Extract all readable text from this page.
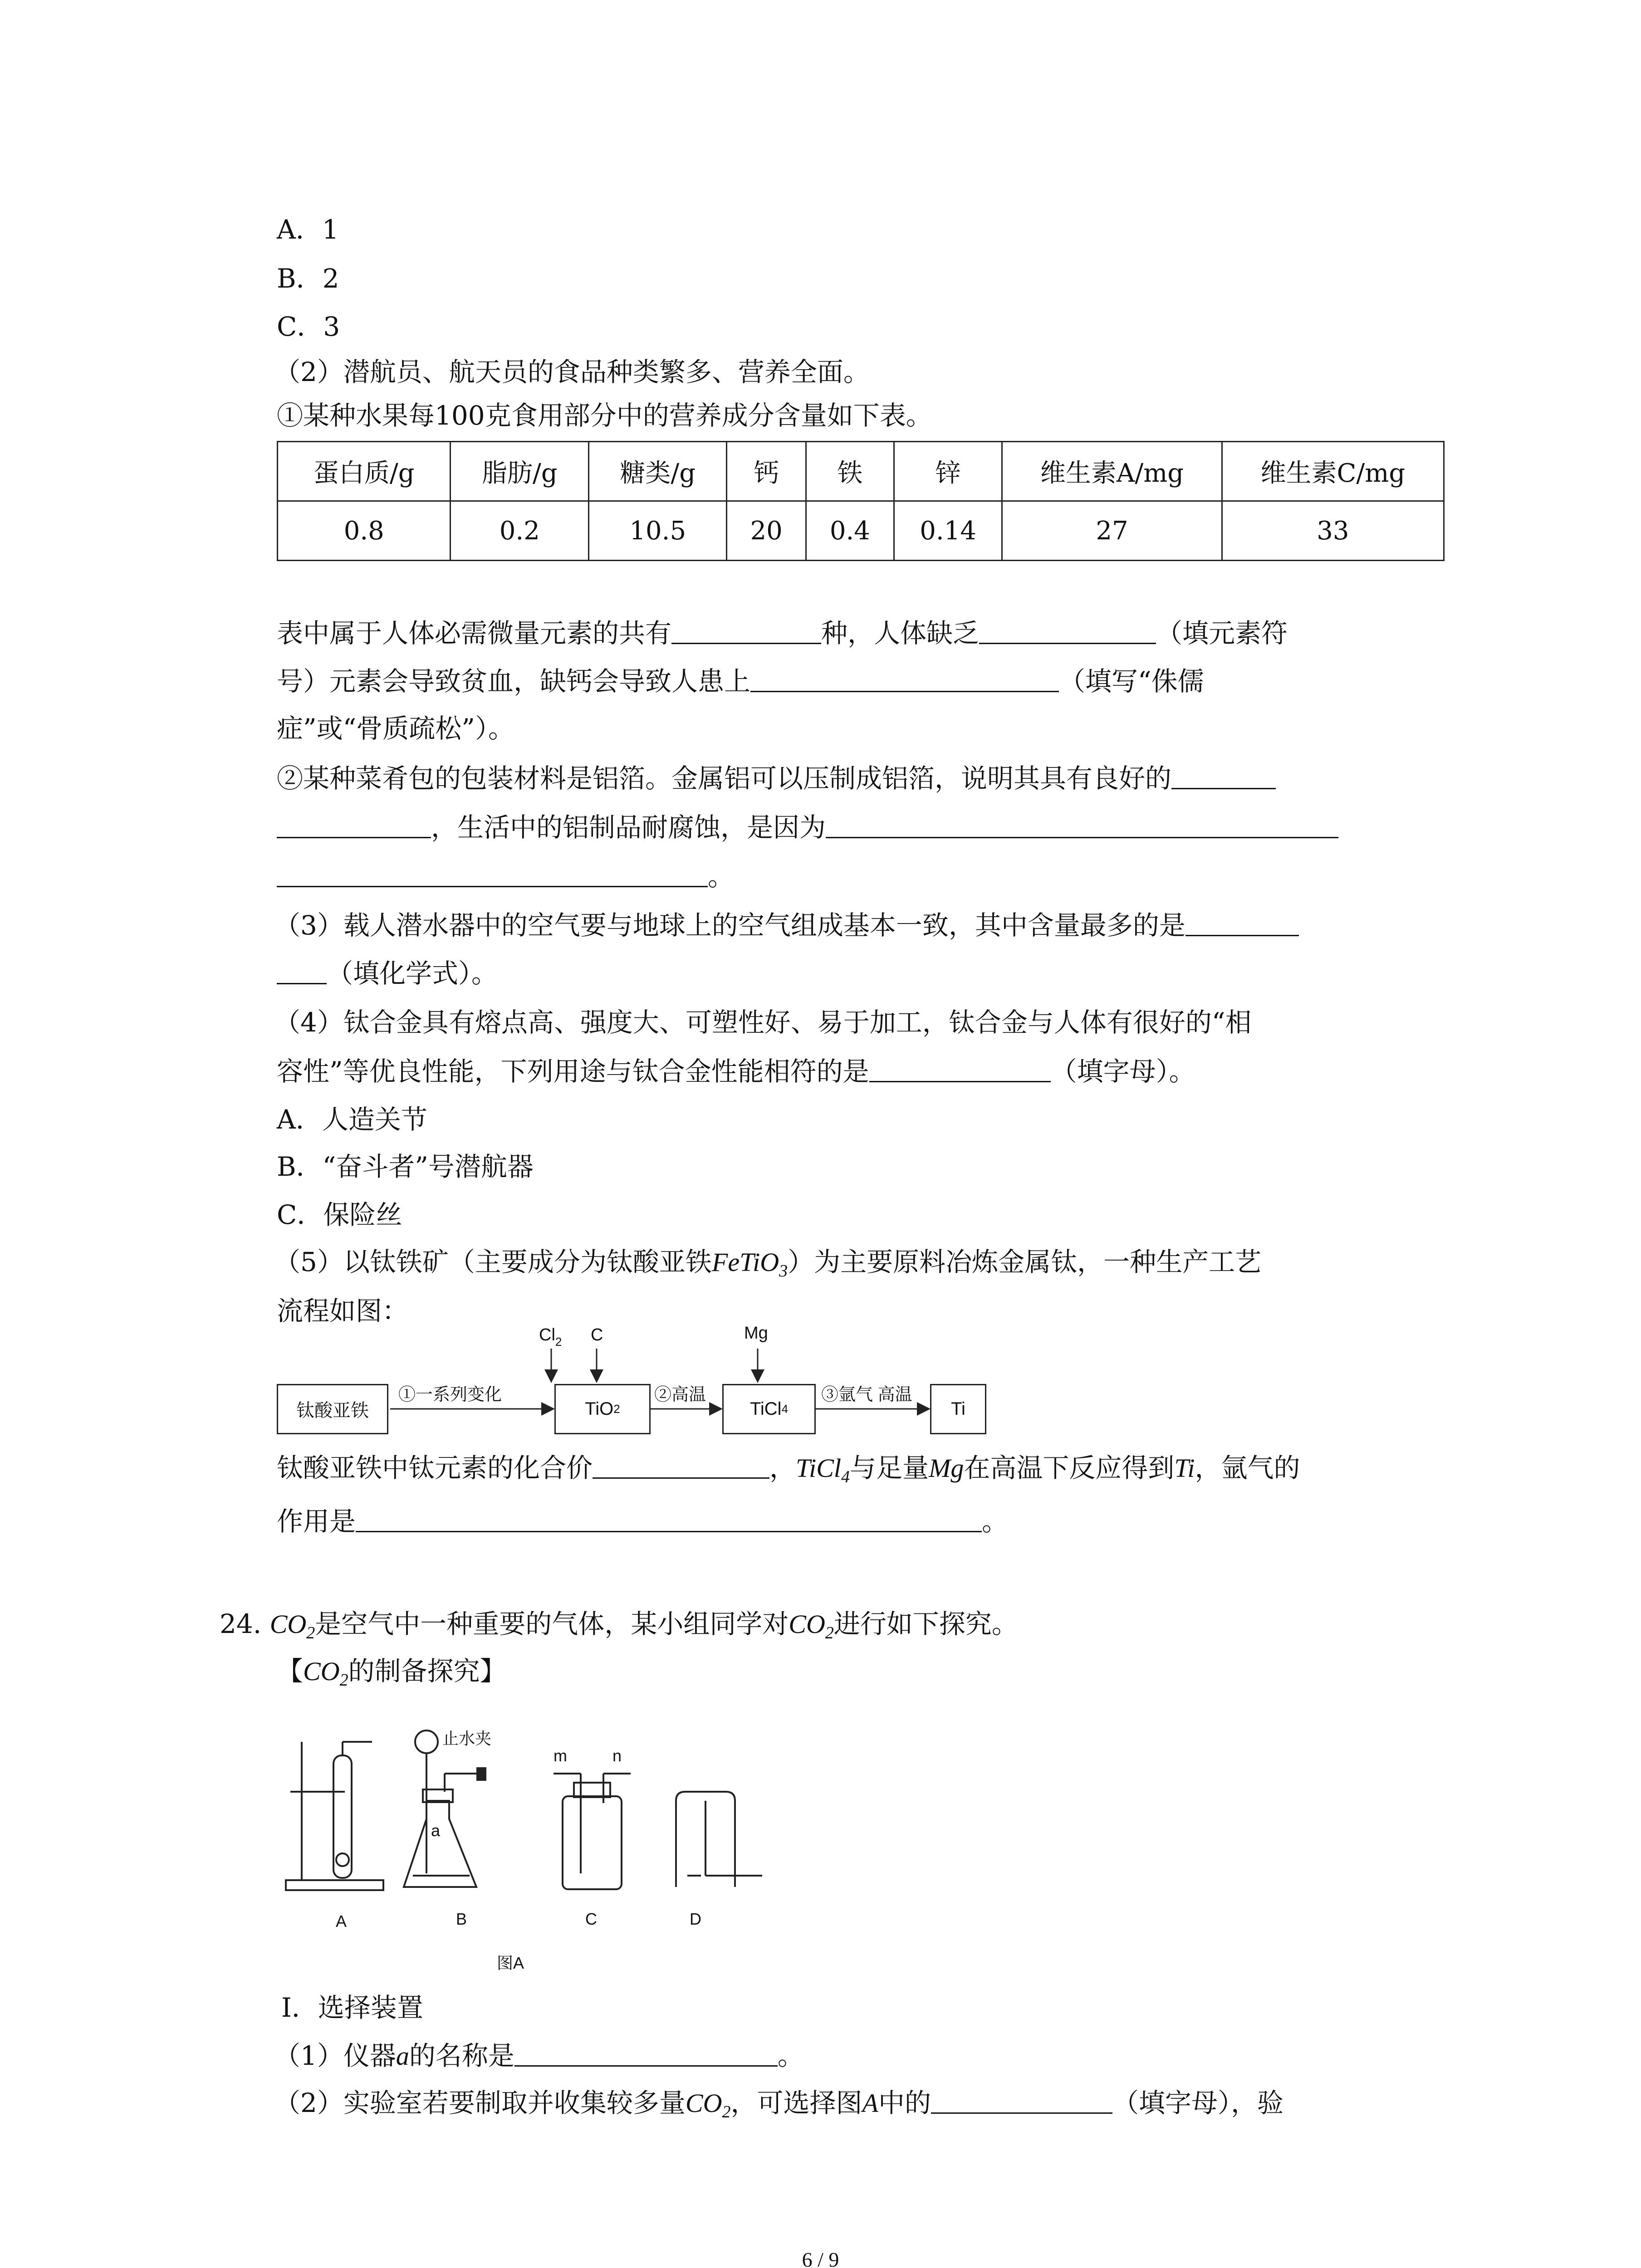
A．1
B．2
C．3
（2）潜航员、航天员的食品种类繁多、营养全面。
①某种水果每100克食用部分中的营养成分含量如下表。
蛋白质/g	脂肪/g	糖类/g	钙	铁	锌	维生素A/mg	维生素C/mg
0.8	0.2	10.5	20	0.4	0.14	27	33
表中属于人体必需微量元素的共有	种，人体缺乏	（填元素符
号）元素会导致贫血，缺钙会导致人患上	（填写“侏儒
症”或“骨质疏松”）。
②某种菜肴包的包装材料是铝箔。金属铝可以压制成铝箔，说明其具有良好的
，生活中的铝制品耐腐蚀，是因为
。
（3）载人潜水器中的空气要与地球上的空气组成基本一致，其中含量最多的是
（填化学式）。
（4）钛合金具有熔点高、强度大、可塑性好、易于加工，钛合金与人体有很好的“相
容性”等优良性能，下列用途与钛合金性能相符的是	（填字母）。
A．人造关节
B．“奋斗者”号潜航器
C．保险丝
（5）以钛铁矿（主要成分为钛酸亚铁FeTiO$_3$）为主要原料冶炼金属钛，一种生产工艺
流程如图：
钛酸亚铁
①一系列变化
TiO 2
$Cl_2$ C
②高温
Mg
TiCl 4
③氩气 高温
Ti
钛酸亚铁中钛元素的化合价	，TiCl$_4$与足量Mg在高温下反应得到Ti，氩气的
作用是	。
24. $CO_2$是空气中一种重要的气体，某小组同学对$CO_2$进行如下探究。
【$CO_2$的制备探究】
止水夹
a
m	n
A	B	C	D
图A
Ⅰ．选择装置
（1）仪器a的名称是	。
（2）实验室若要制取并收集较多量$CO_2$，可选择图A中的	（填字母），验
6 / 9
